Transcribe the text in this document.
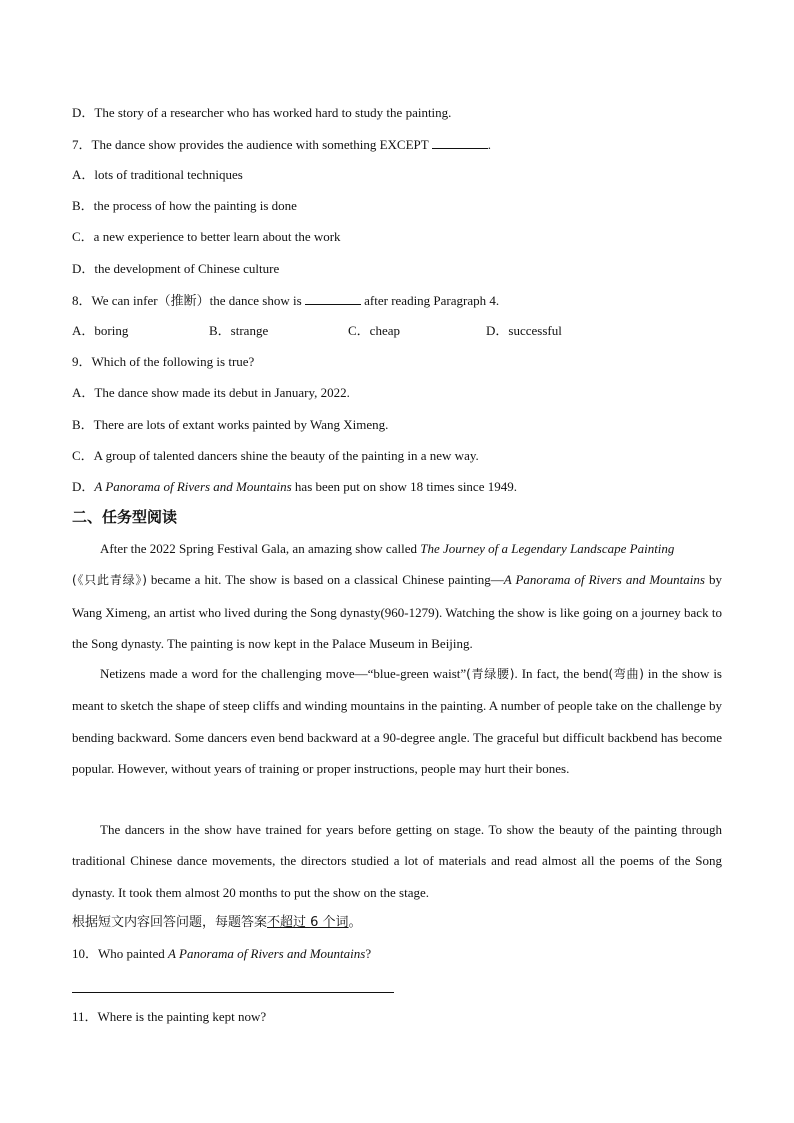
D．The story of a researcher who has worked hard to study the painting.
7．The dance show provides the audience with something EXCEPT	.
A．lots of traditional techniques
B．the process of how the painting is done
C．a new experience to better learn about the work
D．the development of Chinese culture
8．We can infer（推断）the dance show is	after reading Paragraph 4.
A．boring	B．strange	C．cheap	D．successful
9．Which of the following is true?
A．The dance show made its debut in January, 2022.
B．There are lots of extant works painted by Wang Ximeng.
C．A group of talented dancers shine the beauty of the painting in a new way.
D．A Panorama of Rivers and Mountains has been put on show 18 times since 1949.
二、任务型阅读
After the 2022 Spring Festival Gala, an amazing show called The Journey of a Legendary Landscape Painting
(《只此青绿》) became a hit. The show is based on a classical Chinese painting—A Panorama of Rivers and Mountains by Wang Ximeng, an artist who lived during the Song dynasty(960-1279). Watching the show is like going on a journey back to the Song dynasty. The painting is now kept in the Palace Museum in Beijing.
Netizens made a word for the challenging move—“blue-green waist”(青绿腰). In fact, the bend(弯曲) in the show is meant to sketch the shape of steep cliffs and winding mountains in the painting. A number of people take on the challenge by bending backward. Some dancers even bend backward at a 90-degree angle. The graceful but difficult backbend has become popular. However, without years of training or proper instructions, people may hurt their bones.
The dancers in the show have trained for years before getting on stage. To show the beauty of the painting through traditional Chinese dance movements, the directors studied a lot of materials and read almost all the poems of the Song dynasty. It took them almost 20 months to put the show on the stage.
根据短文内容回答问题，每题答案不超过 6 个词。
10．Who painted A Panorama of Rivers and Mountains?
11．Where is the painting kept now?
